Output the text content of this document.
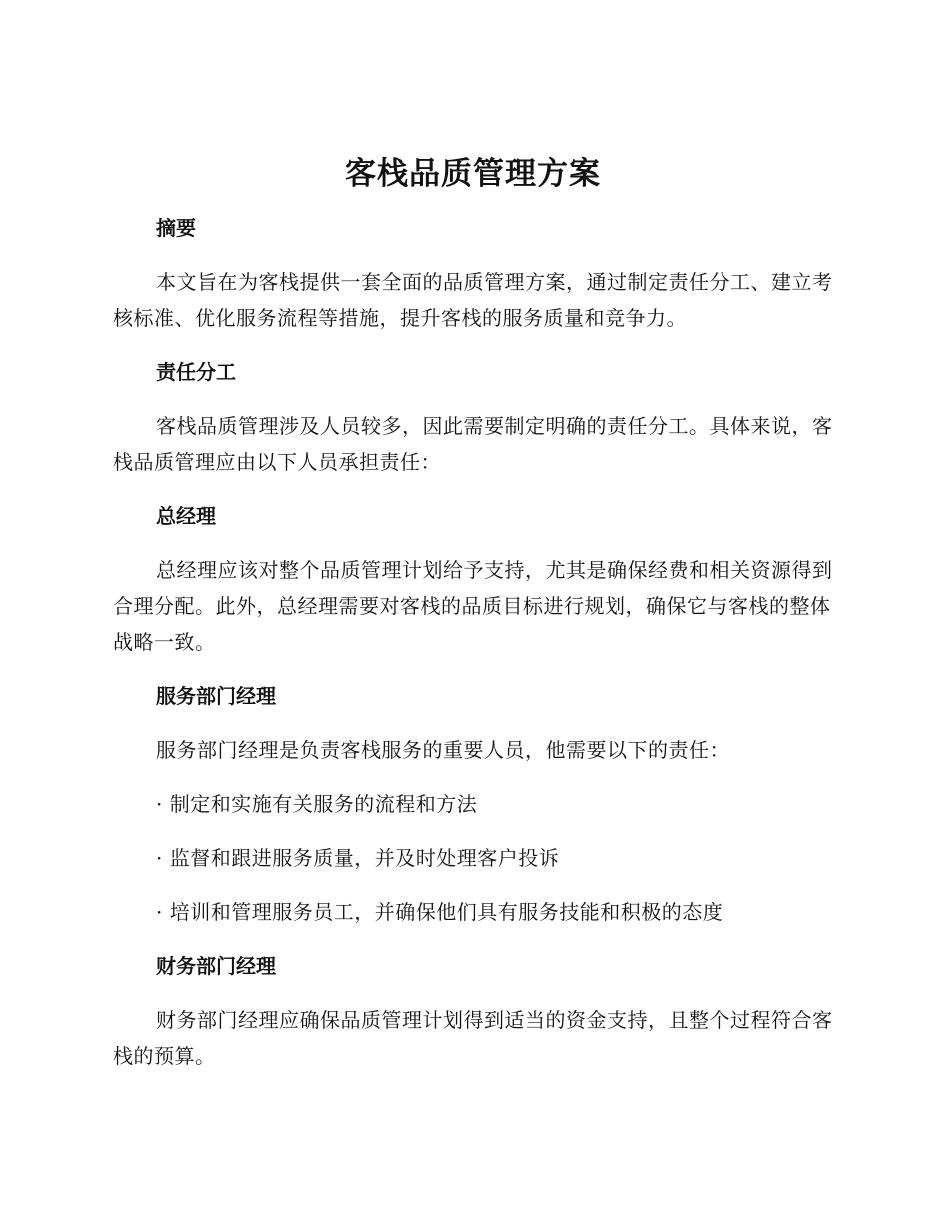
客栈品质管理方案
摘要

本文旨在为客栈提供一套全面的品质管理方案，通过制定责任分工、建立考核标准、优化服务流程等措施，提升客栈的服务质量和竞争力。

责任分工

客栈品质管理涉及人员较多，因此需要制定明确的责任分工。具体来说，客栈品质管理应由以下人员承担责任：

总经理

总经理应该对整个品质管理计划给予支持，尤其是确保经费和相关资源得到合理分配。此外，总经理需要对客栈的品质目标进行规划，确保它与客栈的整体战略一致。

服务部门经理

服务部门经理是负责客栈服务的重要人员，他需要以下的责任：

· 制定和实施有关服务的流程和方法

· 监督和跟进服务质量，并及时处理客户投诉

· 培训和管理服务员工，并确保他们具有服务技能和积极的态度

财务部门经理

财务部门经理应确保品质管理计划得到适当的资金支持，且整个过程符合客栈的预算。
